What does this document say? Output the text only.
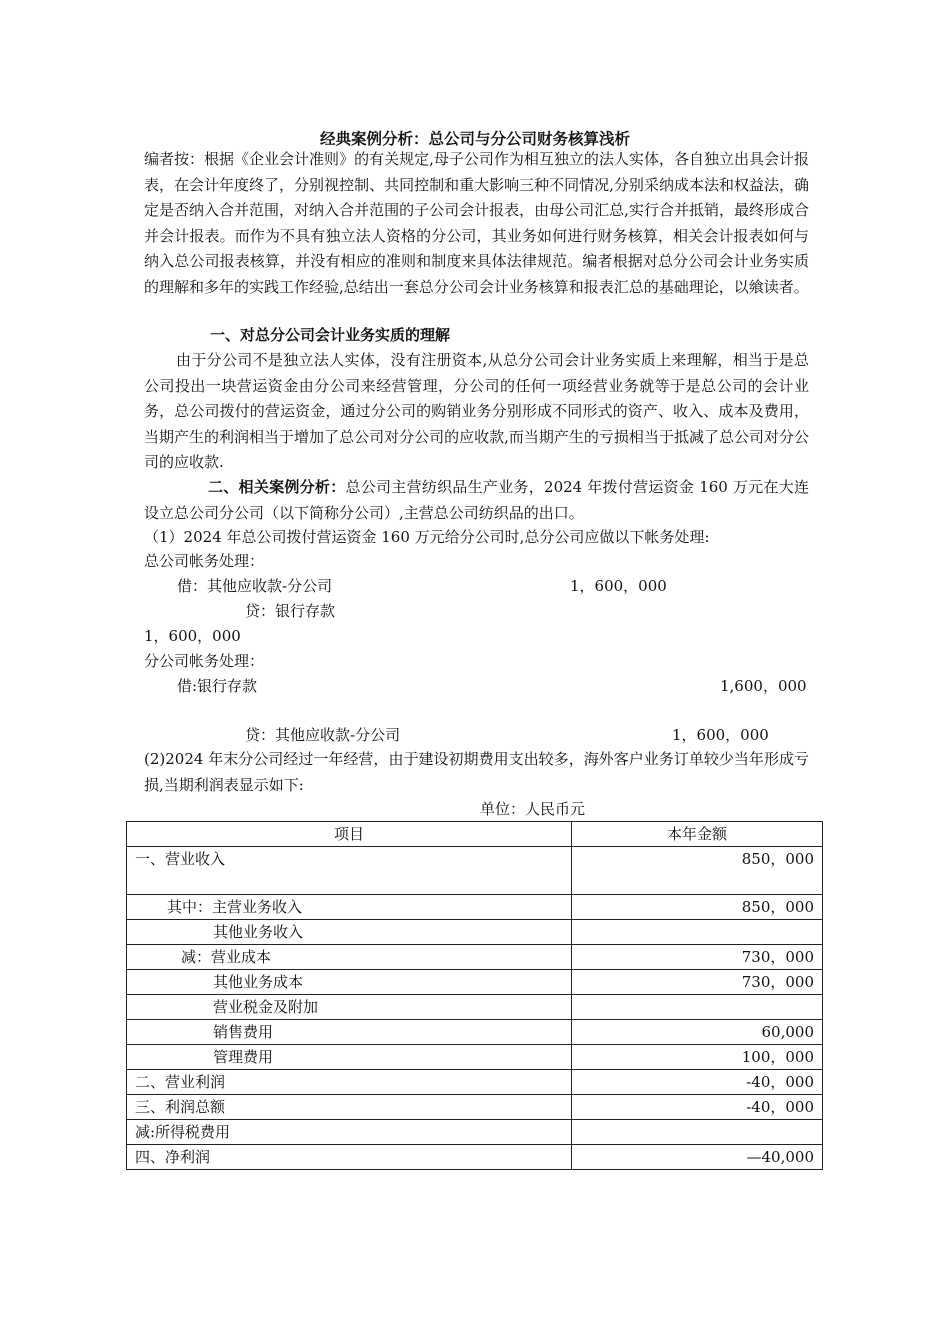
经典案例分析：总公司与分公司财务核算浅析
编者按：根据《企业会计准则》的有关规定,母子公司作为相互独立的法人实体，各自独立出具会计报表，在会计年度终了，分别视控制、共同控制和重大影响三种不同情况,分别采纳成本法和权益法，确定是否纳入合并范围，对纳入合并范围的子公司会计报表，由母公司汇总,实行合并抵销，最终形成合并会计报表。而作为不具有独立法人资格的分公司，其业务如何进行财务核算，相关会计报表如何与纳入总公司报表核算，并没有相应的准则和制度来具体法律规范。编者根据对总分公司会计业务实质的理解和多年的实践工作经验,总结出一套总分公司会计业务核算和报表汇总的基础理论，以飨读者。
一、对总分公司会计业务实质的理解
由于分公司不是独立法人实体，没有注册资本,从总分公司会计业务实质上来理解，相当于是总公司投出一块营运资金由分公司来经营管理，分公司的任何一项经营业务就等于是总公司的会计业务，总公司拨付的营运资金，通过分公司的购销业务分别形成不同形式的资产、收入、成本及费用，当期产生的利润相当于增加了总公司对分公司的应收款,而当期产生的亏损相当于抵减了总公司对分公司的应收款.
二、相关案例分析：总公司主营纺织品生产业务，2024 年拨付营运资金 160 万元在大连设立总公司分公司（以下简称分公司）,主营总公司纺织品的出口。
（1）2024 年总公司拨付营运资金 160 万元给分公司时,总分公司应做以下帐务处理:
总公司帐务处理：
借：其他应收款-分公司	1，600，000
贷：银行存款
1，600，000
分公司帐务处理：
借:银行存款	1,600，000
贷：其他应收款-分公司	1，600，000
(2)2024 年末分公司经过一年经营，由于建设初期费用支出较多，海外客户业务订单较少当年形成亏损,当期利润表显示如下:
单位：人民币元
项目	本年金额
一、营业收入	850，000
其中：主营业务收入	850，000
其他业务收入	
减：营业成本	730，000
其他业务成本	730，000
营业税金及附加	
销售费用	60,000
管理费用	100，000
二、营业利润	-40，000
三、利润总额	-40，000
减:所得税费用	
四、净利润	—40,000
